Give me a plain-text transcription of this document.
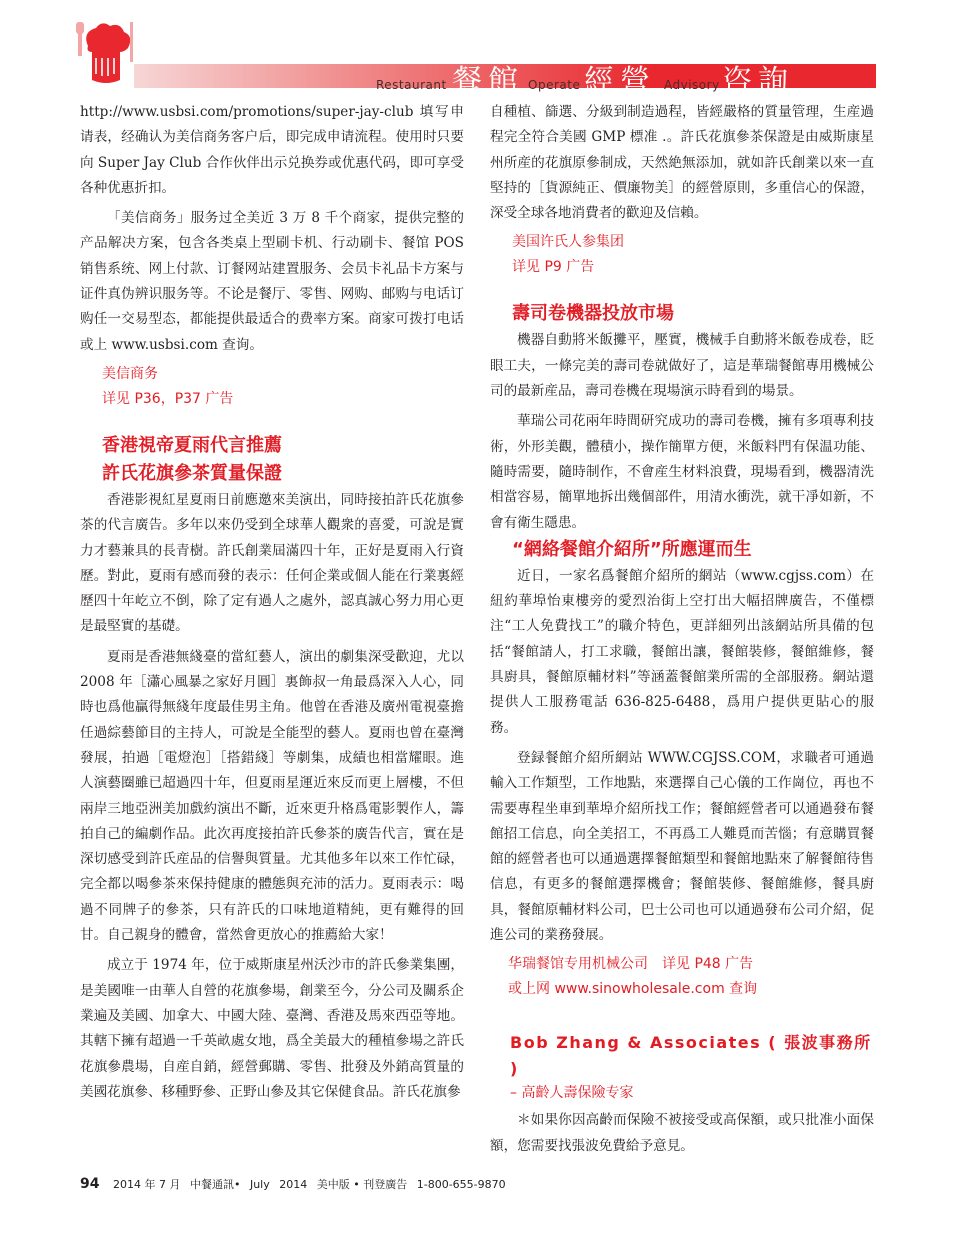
Restaurant 餐館 Operate 經營 Advisory 咨詢

http://www.usbsi.com/promotions/super-jay-club 填写申请表，经确认为美信商务客户后，即完成申请流程。使用时只要向 Super Jay Club 合作伙伴出示兑换券或优惠代码，即可享受各种优惠折扣。

「美信商务」服务过全美近 3 万 8 千个商家，提供完整的产品解决方案，包含各类桌上型刷卡机、行动刷卡、餐馆 POS 销售系统、网上付款、订餐网站建置服务、会员卡礼品卡方案与证件真伪辨识服务等。不论是餐厅、零售、网购、邮购与电话订购任一交易型态，都能提供最适合的费率方案。商家可拨打电话或上 www.usbsi.com 查询。

美信商务
详见 P36，P37 广告
香港視帝夏雨代言推薦
許氏花旗參茶質量保證

香港影視紅星夏雨日前應邀來美演出，同時接拍許氏花旗參茶的代言廣告。多年以來仍受到全球華人觀衆的喜愛，可說是實力才藝兼具的長青樹。許氏創業屆滿四十年，正好是夏雨入行資歷。對此，夏雨有感而發的表示：任何企業或個人能在行業裏經歷四十年屹立不倒，除了定有過人之處外，認真誠心努力用心更是最堅實的基礎。

夏雨是香港無綫臺的當紅藝人，演出的劇集深受歡迎，尤以 2008 年［瀟心風暴之家好月圓］裏飾叔一角最爲深入人心，同時也爲他贏得無綫年度最佳男主角。他曾在香港及廣州電視臺擔任過綜藝節目的主持人，可說是全能型的藝人。夏雨也曾在臺灣發展，拍過［電燈泡］［搭錯綫］等劇集，成績也相當耀眼。進人演藝圈雖已超過四十年，但夏雨星運近來反而更上層樓，不但兩岸三地亞洲美加戲約演出不斷，近來更升格爲電影製作人，籌拍自己的編劇作品。此次再度接拍許氏參茶的廣告代言，實在是深切感受到許氏産品的信譽與質量。尤其他多年以來工作忙碌，完全都以喝參茶來保持健康的體態與充沛的活力。夏雨表示：喝過不同牌子的參茶，只有許氏的口味地道精純，更有難得的回甘。自己親身的體會，當然會更放心的推薦給大家！

成立于 1974 年，位于威斯康星州沃沙市的許氏參業集團，是美國唯一由華人自營的花旗參場，創業至今，分公司及關系企業遍及美國、加拿大、中國大陸、臺灣、香港及馬來西亞等地。其轄下擁有超過一千英畝處女地，爲全美最大的種植參場之許氏花旗參農場，自産自銷，經營郵購、零售、批發及外銷高質量的美國花旗參、移種野參、正野山參及其它保健食品。許氏花旗參

自種植、篩選、分級到制造過程，皆經嚴格的質量管理，生産過程完全符合美國 GMP 標准 .。許氏花旗參茶保證是由威斯康星州所産的花旗原參制成，天然絶無添加，就如許氏創業以來一直堅持的［貨源純正、價廉物美］的經營原則，多重信心的保證，深受全球各地消費者的歡迎及信賴。

美国许氏人参集团
详见 P9 广告
壽司卷機器投放市場

機器自動將米飯攤平，壓實，機械手自動將米飯卷成卷，眨眼工夫，一條完美的壽司卷就做好了，這是華瑞餐館專用機械公司的最新産品，壽司卷機在現場演示時看到的場景。

華瑞公司花兩年時間研究成功的壽司卷機，擁有多項專利技術，外形美觀，體積小，操作簡單方便，米飯料門有保温功能、隨時需要，隨時制作，不會産生材料浪費，現場看到，機器清洗相當容易，簡單地拆出幾個部件，用清水衝洗，就干凈如新，不會有衛生隱患。

“網絡餐館介紹所”所應運而生

近日，一家名爲餐館介紹所的網站（www.cgjss.com）在紐約華埠怡東樓旁的愛烈治街上空打出大幅招牌廣告，不僅標注“工人免費找工”的職介特色，更詳細列出該網站所具備的包括“餐館請人，打工求職，餐館出讓，餐館裝修，餐館維修，餐具廚具，餐館原輔材料”等涵蓋餐館業所需的全部服務。網站還提供人工服務電話 636-825-6488，爲用户提供更貼心的服務。

登録餐館介紹所網站 WWW.CGJSS.COM，求職者可通過輸入工作類型，工作地點，來選擇自己心儀的工作崗位，再也不需要專程坐車到華埠介紹所找工作；餐館經營者可以通過發布餐館招工信息，向全美招工，不再爲工人難覓而苦惱；有意購買餐館的經營者也可以通過選擇餐館類型和餐館地點來了解餐館待售信息，有更多的餐館選擇機會；餐館裝修、餐館維修，餐具廚具，餐館原輔材料公司，巴士公司也可以通過發布公司介紹，促進公司的業務發展。

华瑞餐馆专用机械公司　详见 P48 广告
或上网 www.sinowholesale.com 查询
Bob Zhang & Associates ( 張波事務所 )
– 高齡人壽保險专家

＊如果你因高齡而保險不被接受或高保額，或只批准小面保額，您需要找張波免費給予意見。

94 2014 年 7 月 中餐通訊• July 2014 美中版 • 刊登廣告 1-800-655-9870
